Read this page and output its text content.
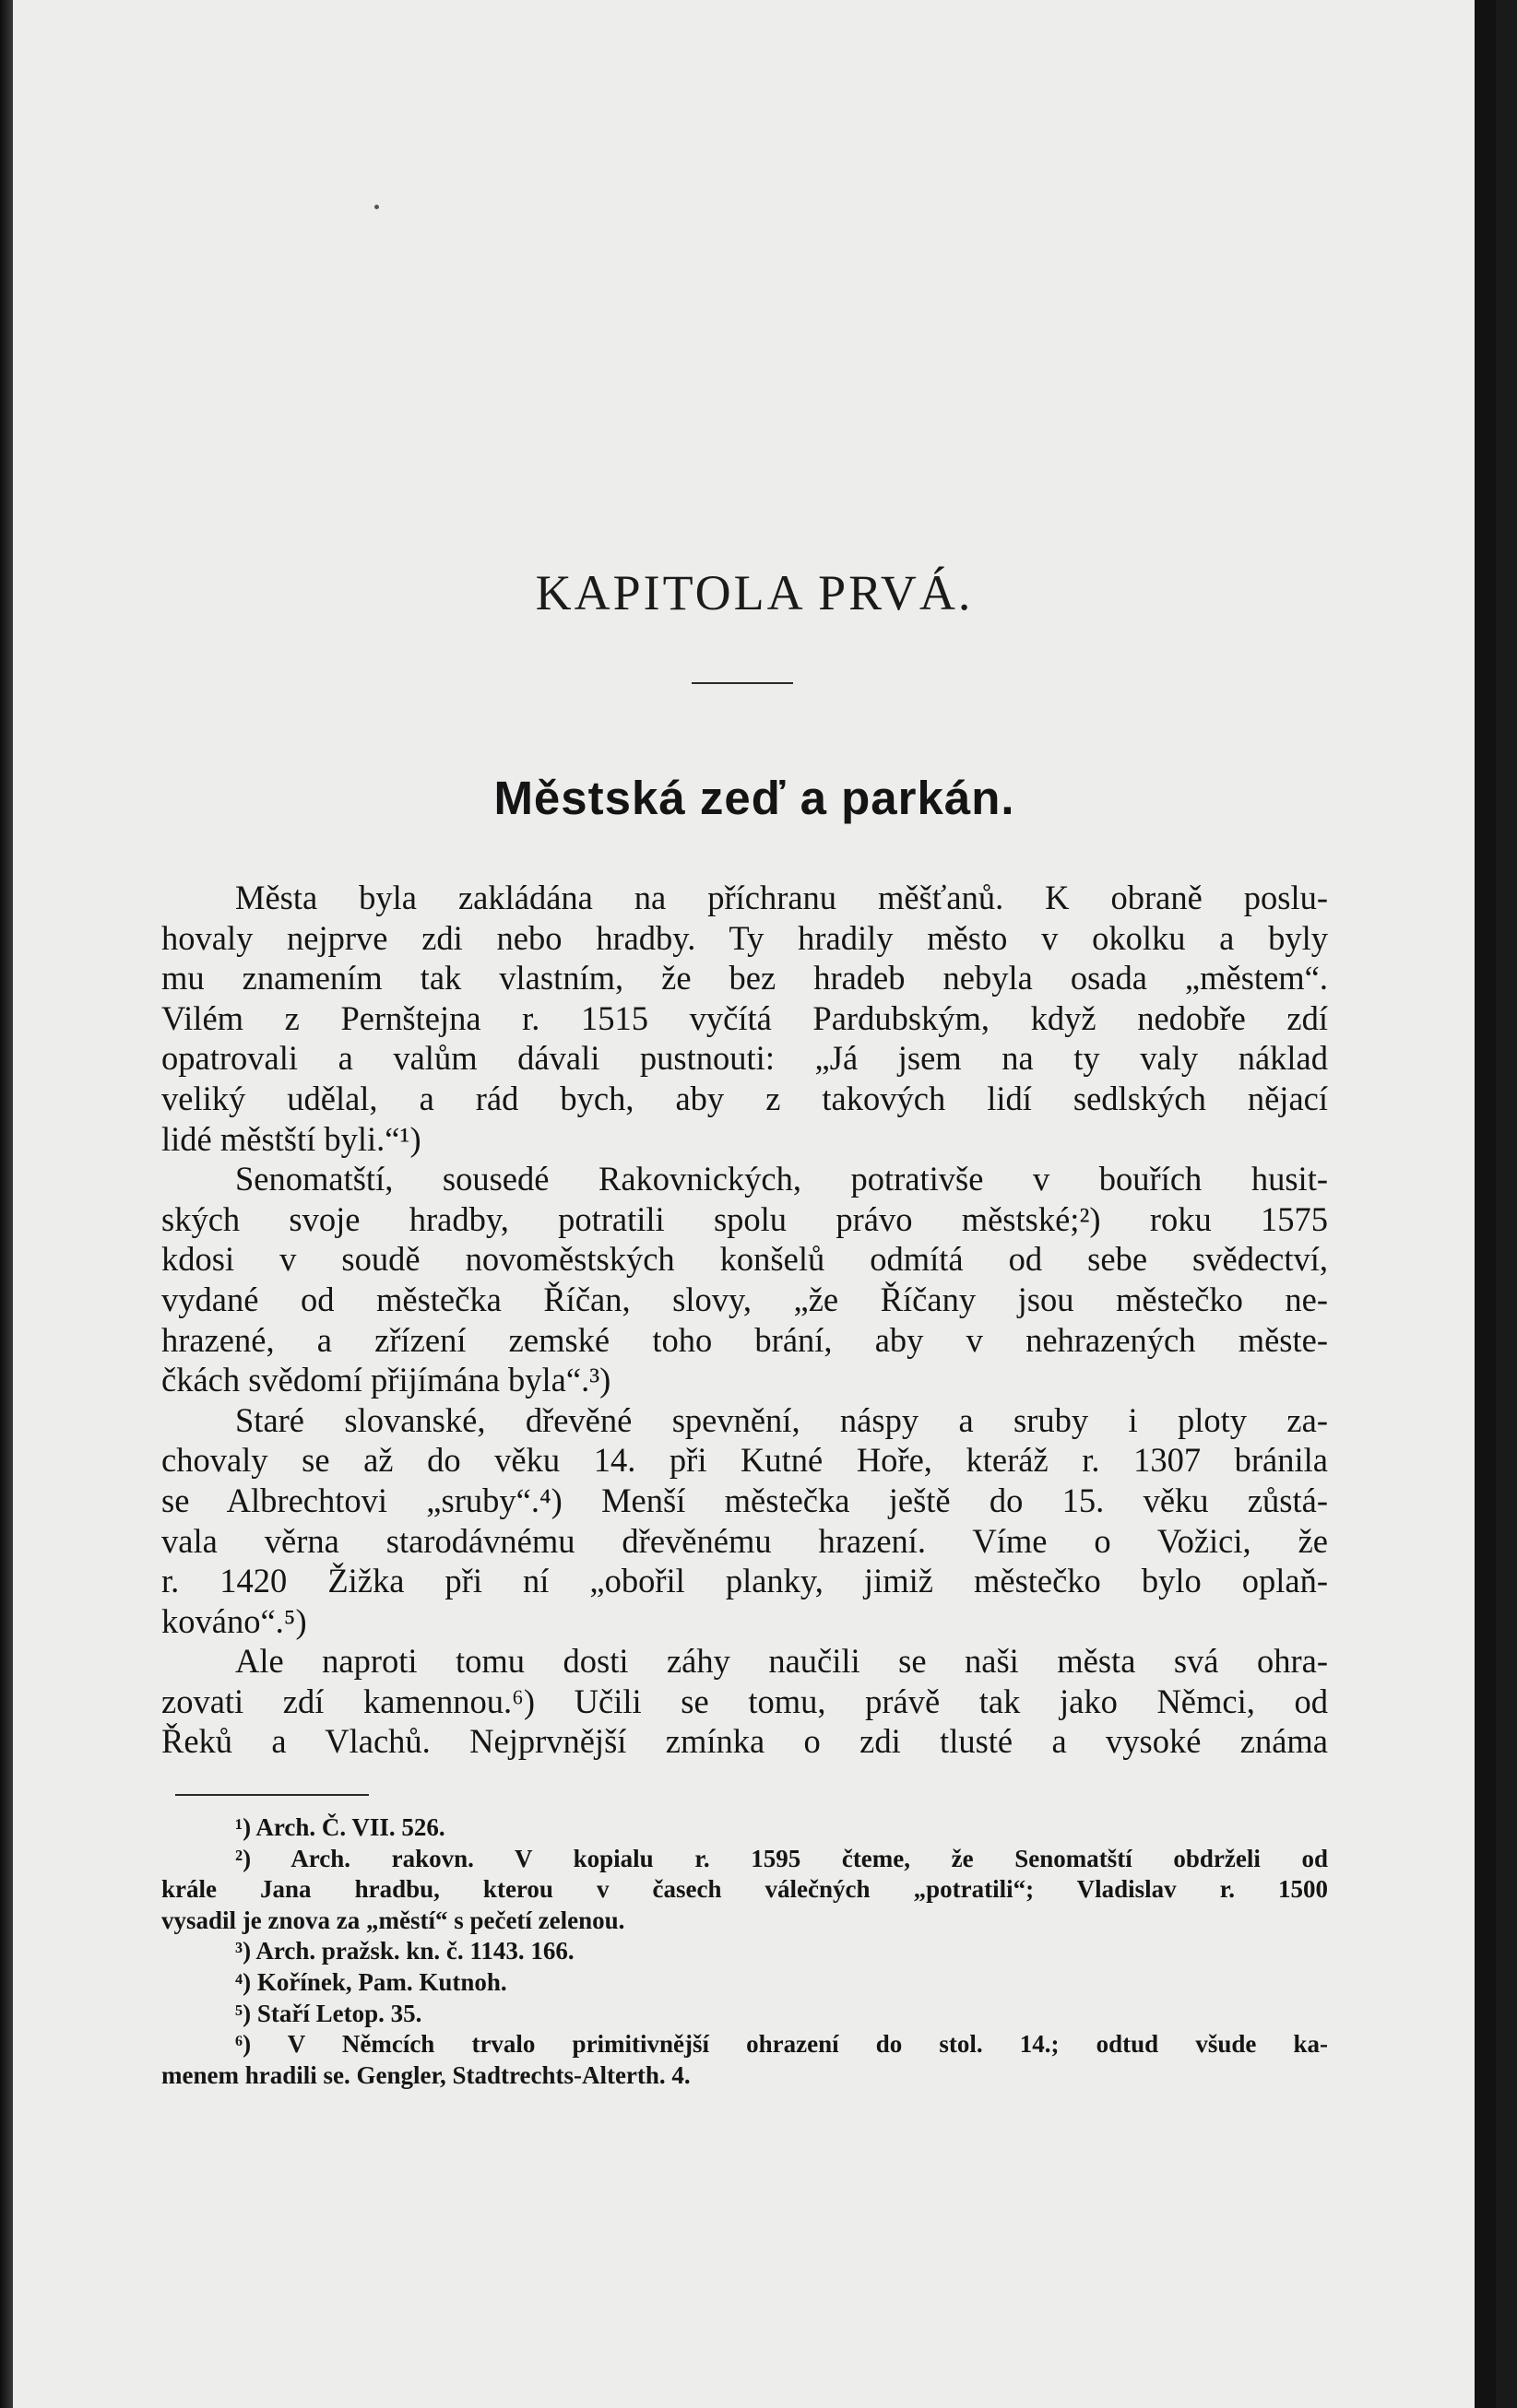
KAPITOLA PRVÁ.
Městská zeď a parkán.
Města byla zakládána na příchranu měšťanů. K obraně poslu-
hovaly nejprve zdi nebo hradby. Ty hradily město v okolku a byly
mu znamením tak vlastním, že bez hradeb nebyla osada „městem“.
Vilém z Pernštejna r. 1515 vyčítá Pardubským, když nedobře zdí
opatrovali a valům dávali pustnouti: „Já jsem na ty valy náklad
veliký udělal, a rád bych, aby z takových lidí sedlských nějací
lidé městští byli.“¹)
Senomatští, sousedé Rakovnických, potrativše v bouřích husit-
ských svoje hradby, potratili spolu právo městské;²) roku 1575
kdosi v soudě novoměstských konšelů odmítá od sebe svědectví,
vydané od městečka Říčan, slovy, „že Říčany jsou městečko ne-
hrazené, a zřízení zemské toho brání, aby v nehrazených měste-
čkách svědomí přijímána byla“.³)
Staré slovanské, dřevěné spevnění, náspy a sruby i ploty za-
chovaly se až do věku 14. při Kutné Hoře, kteráž r. 1307 bránila
se Albrechtovi „sruby“.⁴) Menší městečka ještě do 15. věku zůstá-
vala věrna starodávnému dřevěnému hrazení. Víme o Vožici, že
r. 1420 Žižka při ní „obořil planky, jimiž městečko bylo oplaň-
kováno“.⁵)
Ale naproti tomu dosti záhy naučili se naši města svá ohra-
zovati zdí kamennou.⁶) Učili se tomu, právě tak jako Němci, od
Řeků a Vlachů. Nejprvnější zmínka o zdi tlusté a vysoké známa
¹) Arch. Č. VII. 526.
²) Arch. rakovn. V kopialu r. 1595 čteme, že Senomatští obdrželi od
krále Jana hradbu, kterou v časech válečných „potratili“; Vladislav r. 1500
vysadil je znova za „městí“ s pečetí zelenou.
³) Arch. pražsk. kn. č. 1143. 166.
⁴) Kořínek, Pam. Kutnoh.
⁵) Staří Letop. 35.
⁶) V Němcích trvalo primitivnější ohrazení do stol. 14.; odtud všude ka-
menem hradili se. Gengler, Stadtrechts-Alterth. 4.
